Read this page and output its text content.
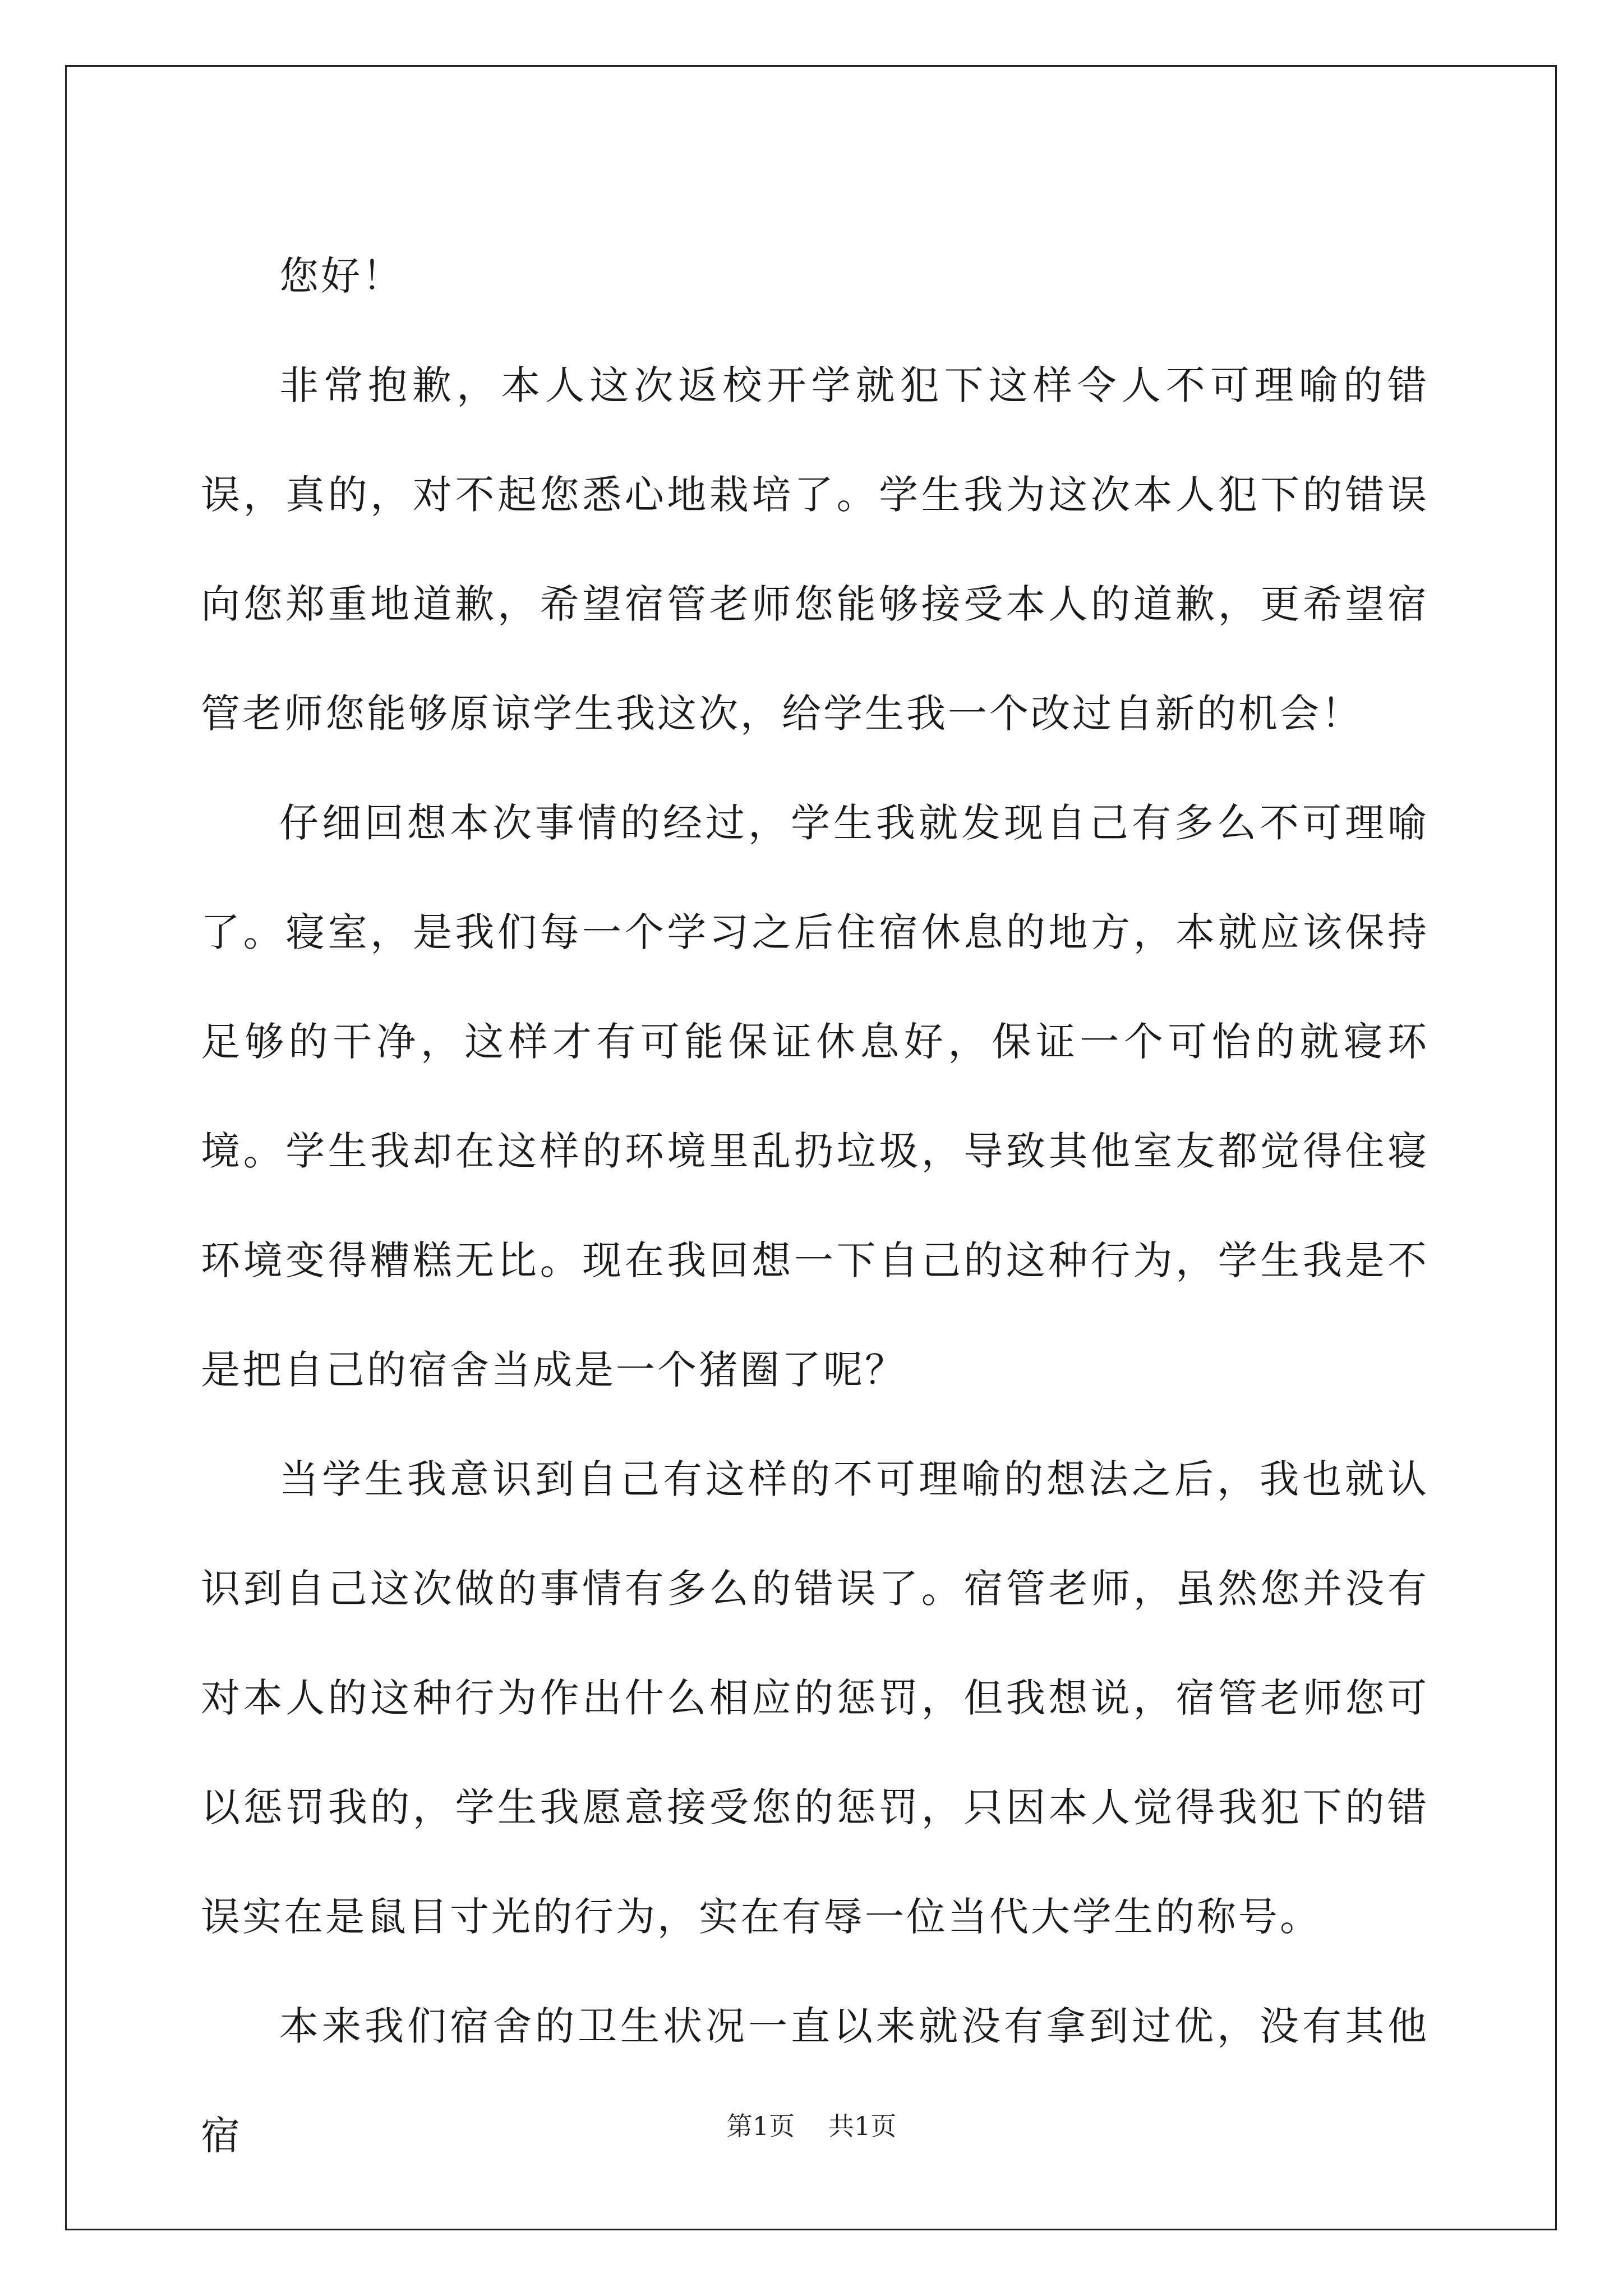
您好！

非常抱歉，本人这次返校开学就犯下这样令人不可理喻的错误，真的，对不起您悉心地栽培了。学生我为这次本人犯下的错误向您郑重地道歉，希望宿管老师您能够接受本人的道歉，更希望宿管老师您能够原谅学生我这次，给学生我一个改过自新的机会！

仔细回想本次事情的经过，学生我就发现自己有多么不可理喻了。寝室，是我们每一个学习之后住宿休息的地方，本就应该保持足够的干净，这样才有可能保证休息好，保证一个可怡的就寝环境。学生我却在这样的环境里乱扔垃圾，导致其他室友都觉得住寝环境变得糟糕无比。现在我回想一下自己的这种行为，学生我是不是把自己的宿舍当成是一个猪圈了呢？

当学生我意识到自己有这样的不可理喻的想法之后，我也就认识到自己这次做的事情有多么的错误了。宿管老师，虽然您并没有对本人的这种行为作出什么相应的惩罚，但我想说，宿管老师您可以惩罚我的，学生我愿意接受您的惩罚，只因本人觉得我犯下的错误实在是鼠目寸光的行为，实在有辱一位当代大学生的称号。

本来我们宿舍的卫生状况一直以来就没有拿到过优，没有其他宿	第1页 共1页
